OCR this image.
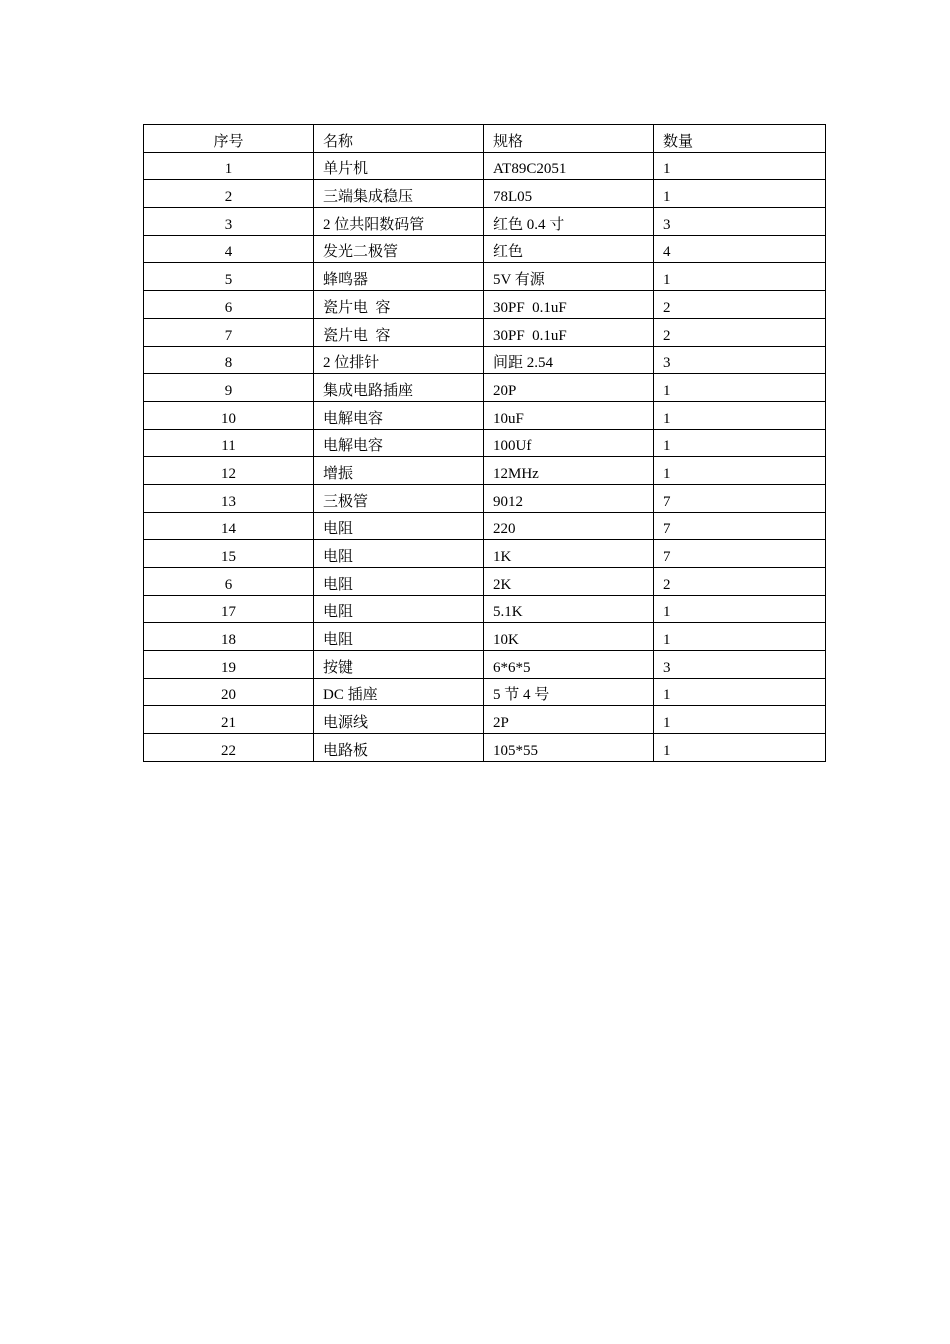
序号	名称	规格	数量
1	单片机	AT89C2051	1
2	三端集成稳压	78L05	1
3	2 位共阳数码管	红色 0.4 寸	3
4	发光二极管	红色	4
5	蜂鸣器	5V 有源	1
6	瓷片电  容	30PF  0.1uF	2
7	瓷片电  容	30PF  0.1uF	2
8	2 位排针	间距 2.54	3
9	集成电路插座	20P	1
10	电解电容	10uF	1
11	电解电容	100Uf	1
12	增振	12MHz	1
13	三极管	9012	7
14	电阻	220	7
15	电阻	1K	7
6	电阻	2K	2
17	电阻	5.1K	1
18	电阻	10K	1
19	按键	6*6*5	3
20	DC 插座	5 节 4 号	1
21	电源线	2P	1
22	电路板	105*55	1
